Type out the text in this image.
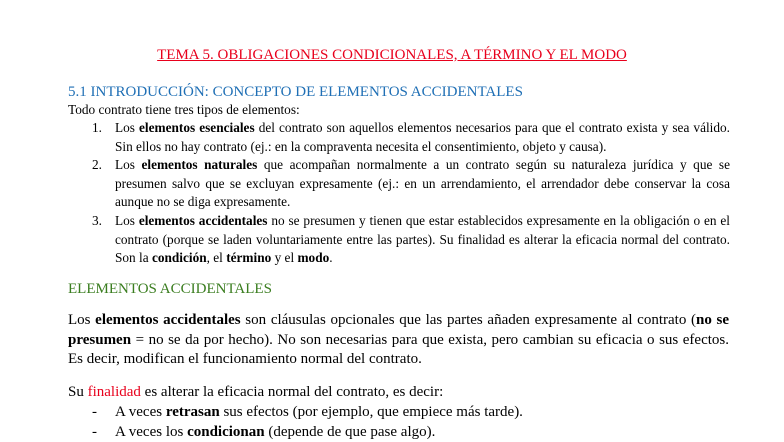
TEMA 5. OBLIGACIONES CONDICIONALES, A TÉRMINO Y EL MODO
5.1 INTRODUCCIÓN: CONCEPTO DE ELEMENTOS ACCIDENTALES
Todo contrato tiene tres tipos de elementos:
1. Los elementos esenciales del contrato son aquellos elementos necesarios para que el contrato exista y sea válido. Sin ellos no hay contrato (ej.: en la compraventa necesita el consentimiento, objeto y causa).
2. Los elementos naturales que acompañan normalmente a un contrato según su naturaleza jurídica y que se presumen salvo que se excluyan expresamente (ej.: en un arrendamiento, el arrendador debe conservar la cosa aunque no se diga expresamente.
3. Los elementos accidentales no se presumen y tienen que estar establecidos expresamente en la obligación o en el contrato (porque se laden voluntariamente entre las partes). Su finalidad es alterar la eficacia normal del contrato. Son la condición, el término y el modo.
ELEMENTOS ACCIDENTALES

Los elementos accidentales son cláusulas opcionales que las partes añaden expresamente al contrato (no se presumen = no se da por hecho). No son necesarias para que exista, pero cambian su eficacia o sus efectos. Es decir, modifican el funcionamiento normal del contrato.

Su finalidad es alterar la eficacia normal del contrato, es decir:

- A veces retrasan sus efectos (por ejemplo, que empiece más tarde).
- A veces los condicionan (depende de que pase algo).
